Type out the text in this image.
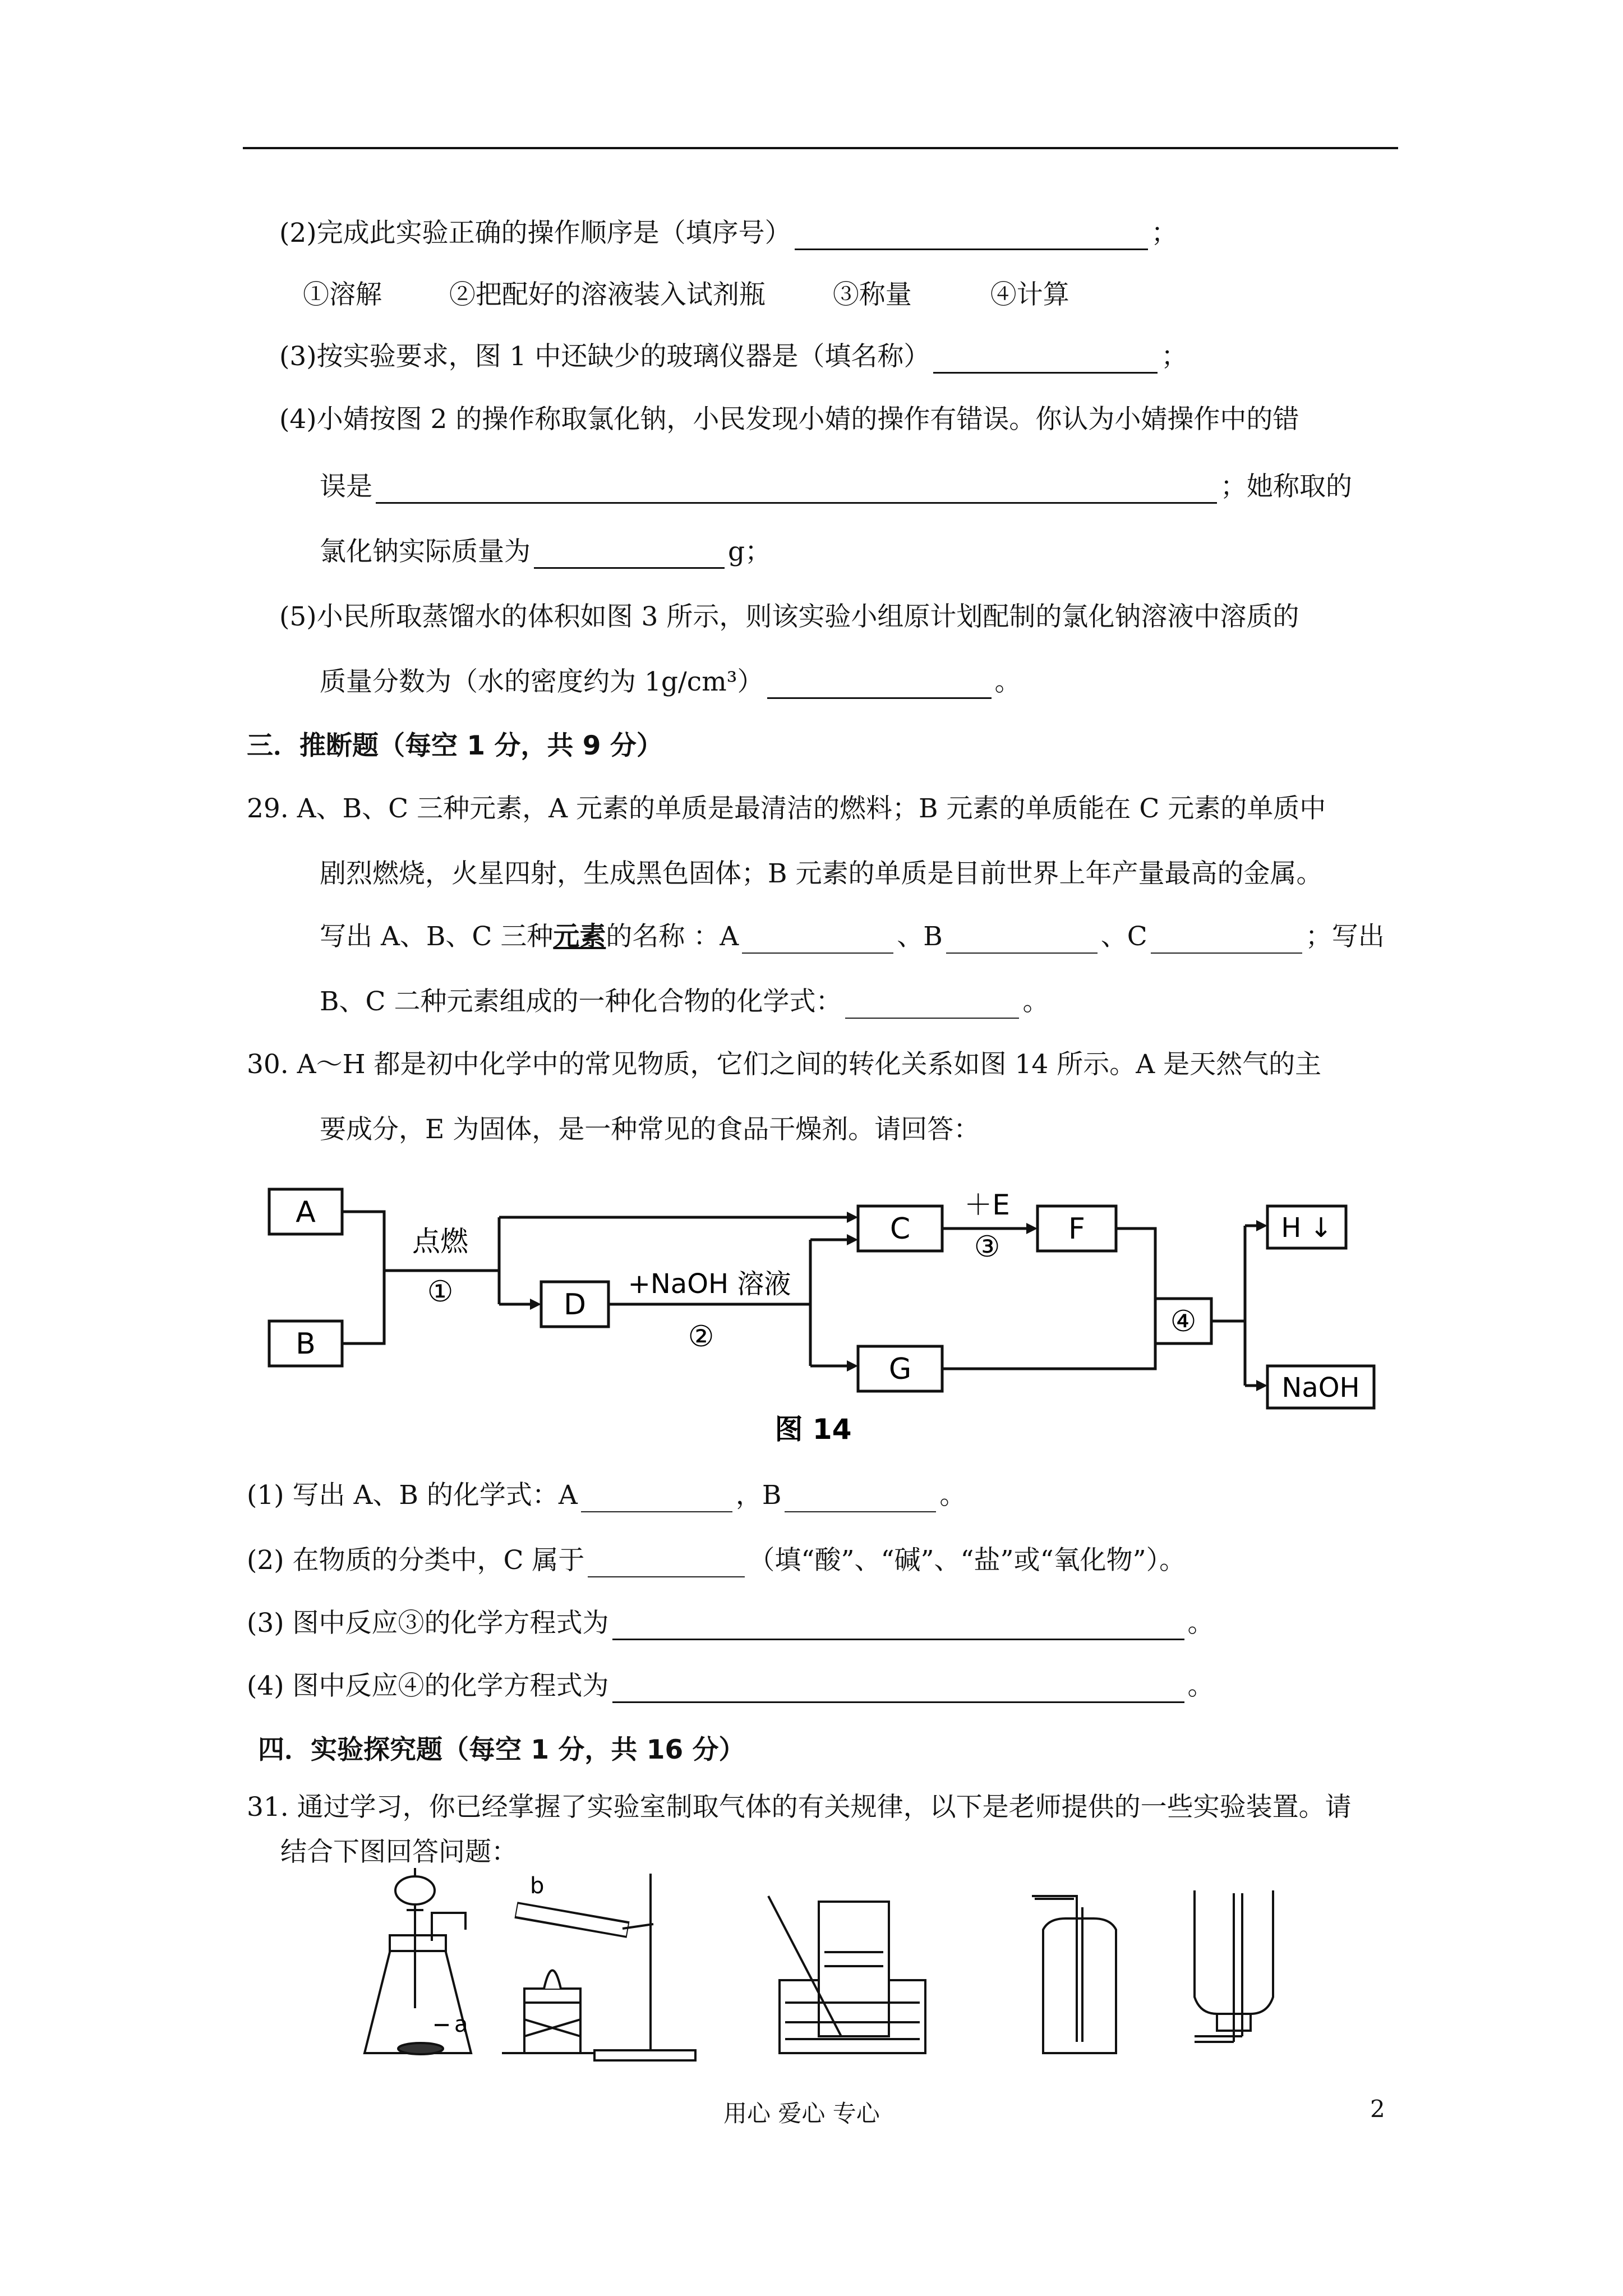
(2)完成此实验正确的操作顺序是（填序号）	；
①溶解	②把配好的溶液装入试剂瓶	③称量	④计算
(3)按实验要求，图 1 中还缺少的玻璃仪器是（填名称）	；
(4)小婧按图 2 的操作称取氯化钠，小民发现小婧的操作有错误。你认为小婧操作中的错
误是	；她称取的
氯化钠实际质量为	g；
(5)小民所取蒸馏水的体积如图 3 所示，则该实验小组原计划配制的氯化钠溶液中溶质的
质量分数为（水的密度约为 1g/cm³）	。
三．推断题（每空 1 分，共 9 分）
29. A、B、C 三种元素，A 元素的单质是最清洁的燃料；B 元素的单质能在 C 元素的单质中
剧烈燃烧，火星四射，生成黑色固体；B 元素的单质是目前世界上年产量最高的金属。
写出 A、B、C 三种元素的名称 ：A	、B	、C	；写出
B、C 二种元素组成的一种化合物的化学式：	。
30. A～H 都是初中化学中的常见物质，它们之间的转化关系如图 14 所示。A 是天然气的主
要成分，E 为固体，是一种常见的食品干燥剂。请回答：
A
B
D
C
G
F	H ↓
NaOH
点燃
①	+NaOH 溶液
②
＋E
③
④
图 14
(1) 写出 A、B 的化学式：A	，B	。
(2) 在物质的分类中，C 属于	（填“酸”、“碱”、“盐”或“氧化物”）。
(3) 图中反应③的化学方程式为	。
(4) 图中反应④的化学方程式为	。
四．实验探究题（每空 1 分，共 16 分）
31. 通过学习，你已经掌握了实验室制取气体的有关规律，以下是老师提供的一些实验装置。请
结合下图回答问题：
a
b
用心 爱心 专心	2
